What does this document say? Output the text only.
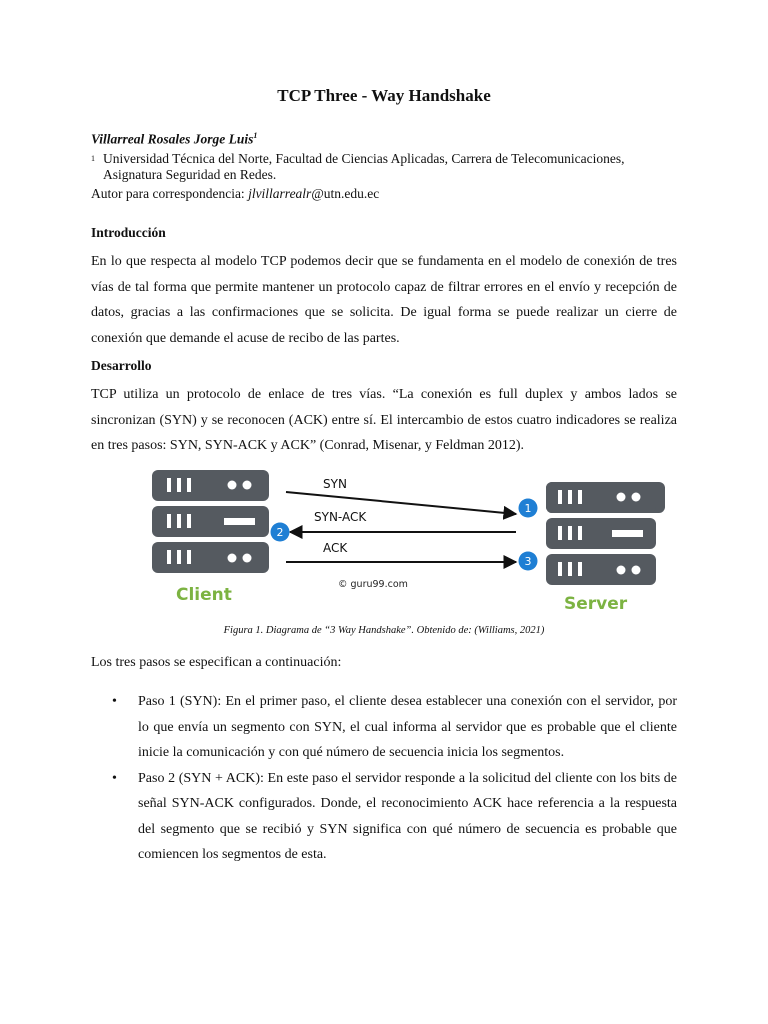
TCP Three - Way Handshake
Villarreal Rosales Jorge Luis$^1$
1 Universidad Técnica del Norte, Facultad de Ciencias Aplicadas, Carrera de Telecomunicaciones,
Asignatura Seguridad en Redes.
Autor para correspondencia: jlvillarrealr@utn.edu.ec
Introducción
En lo que respecta al modelo TCP podemos decir que se fundamenta en el modelo de conexión de tres vías de tal forma que permite mantener un protocolo capaz de filtrar errores en el envío y recepción de datos, gracias a las confirmaciones que se solicita. De igual forma se puede realizar un cierre de conexión que demande el acuse de recibo de las partes.
Desarrollo
TCP utiliza un protocolo de enlace de tres vías. “La conexión es full duplex y ambos lados se sincronizan (SYN) y se reconocen (ACK) entre sí. El intercambio de estos cuatro indicadores se realiza en tres pasos: SYN, SYN-ACK y ACK” (Conrad, Misenar, y Feldman 2012).
SYN
SYN-ACK
ACK
1
2
3
© guru99.com
Client	Server
Figura 1. Diagrama de “3 Way Handshake”. Obtenido de: (Williams, 2021)
Los tres pasos se especifican a continuación:
• Paso 1 (SYN): En el primer paso, el cliente desea establecer una conexión con el servidor, por lo que envía un segmento con SYN, el cual informa al servidor que es probable que el cliente inicie la comunicación y con qué número de secuencia inicia los segmentos.
• Paso 2 (SYN + ACK): En este paso el servidor responde a la solicitud del cliente con los bits de señal SYN-ACK configurados. Donde, el reconocimiento ACK hace referencia a la respuesta del segmento que se recibió y SYN significa con qué número de secuencia es probable que comiencen los segmentos de esta.
